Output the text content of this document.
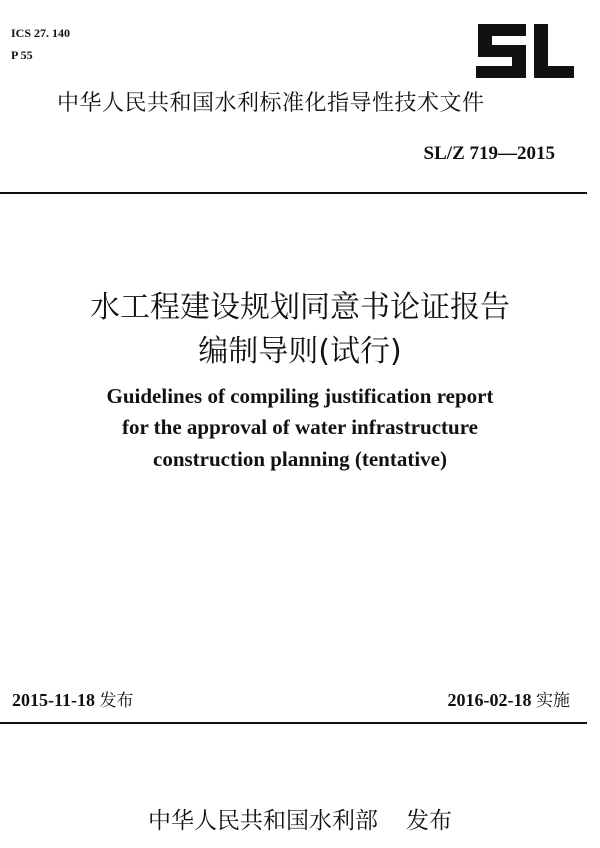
ICS 27. 140
P 55
中华人民共和国水利标准化指导性技术文件
SL/Z 719—2015
水工程建设规划同意书论证报告
编制导则(试行)
Guidelines of compiling justification report
for the approval of water infrastructure
construction planning (tentative)
2015-11-18 发布	2016-02-18 实施
中华人民共和国水利部 发布
